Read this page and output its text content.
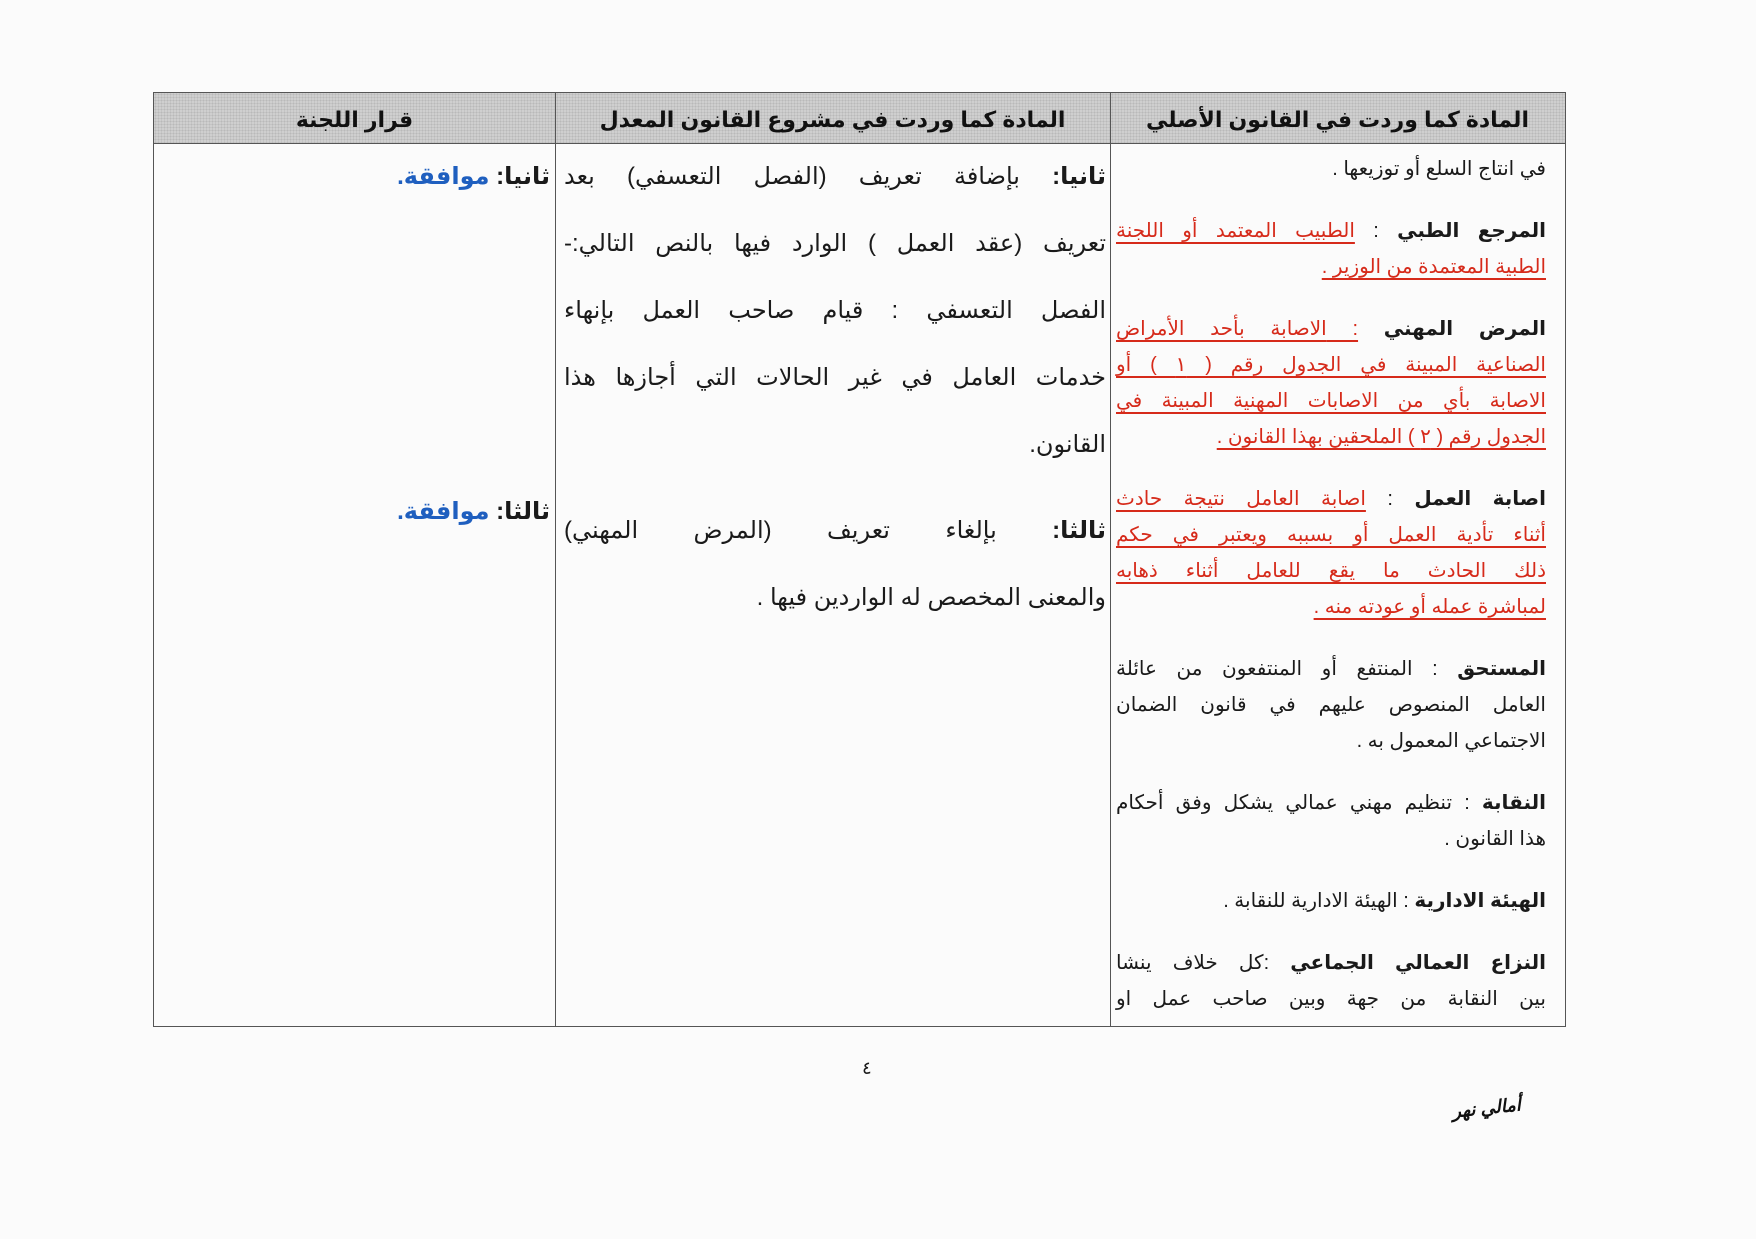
المادة كما وردت في القانون الأصلي
المادة كما وردت في مشروع القانون المعدل
قرار اللجنة
في انتاج السلع أو توزيعها .
المرجع الطبي : الطبيب المعتمد أو اللجنة
الطبية المعتمدة من الوزير .
المرض المهني : الاصابة بأحد الأمراض
الصناعية المبينة في الجدول رقم ( ١ ) أو
الاصابة بأي من الاصابات المهنية المبينة في
الجدول رقم ( ٢ ) الملحقين بهذا القانون .
اصابة العمل : اصابة العامل نتيجة حادث
أثناء تأدية العمل أو بسببه ويعتبر في حكم
ذلك الحادث ما يقع للعامل أثناء ذهابه
لمباشرة عمله أو عودته منه .
المستحق : المنتفع أو المنتفعون من عائلة
العامل المنصوص عليهم في قانون الضمان
الاجتماعي المعمول به .
النقابة : تنظيم مهني عمالي يشكل وفق أحكام
هذا القانون .
الهيئة الادارية : الهيئة الادارية للنقابة .
النزاع العمالي الجماعي :كل خلاف ينشا
بين النقابة من جهة وبين صاحب عمل او
ثانيا: بإضافة تعريف (الفصل التعسفي) بعد
تعريف (عقد العمل ) الوارد فيها بالنص التالي:-
الفصل التعسفي : قيام صاحب العمل بإنهاء
خدمات العامل في غير الحالات التي أجازها هذا
القانون.
ثالثا: بإلغاء تعريف (المرض المهني)
والمعنى المخصص له الواردين فيها .
ثانيا: موافقة.
ثالثا: موافقة.
٤
أمالي نهر
